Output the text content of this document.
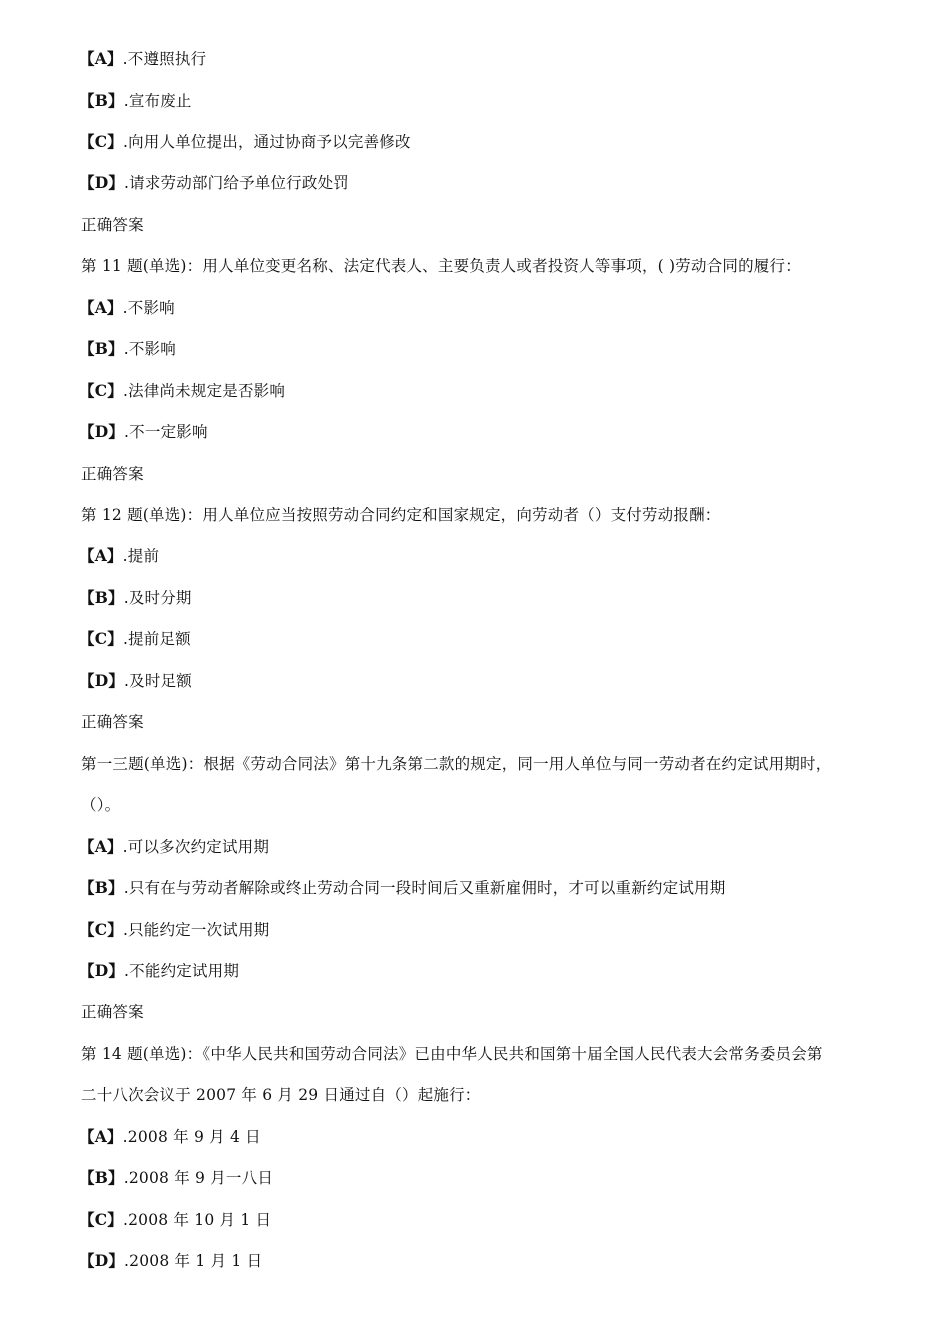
【A】.不遵照执行
【B】.宣布废止
【C】.向用人单位提出，通过协商予以完善修改
【D】.请求劳动部门给予单位行政处罚
正确答案
第 11 题(单选)：用人单位变更名称、法定代表人、主要负责人或者投资人等事项，( )劳动合同的履行：
【A】.不影响
【B】.不影响
【C】.法律尚未规定是否影响
【D】.不一定影响
正确答案
第 12 题(单选)：用人单位应当按照劳动合同约定和国家规定，向劳动者（）支付劳动报酬：
【A】.提前
【B】.及时分期
【C】.提前足额
【D】.及时足额
正确答案
第一三题(单选)：根据《劳动合同法》第十九条第二款的规定，同一用人单位与同一劳动者在约定试用期时，
（）。
【A】.可以多次约定试用期
【B】.只有在与劳动者解除或终止劳动合同一段时间后又重新雇佣时，才可以重新约定试用期
【C】.只能约定一次试用期
【D】.不能约定试用期
正确答案
第 14 题(单选)：《中华人民共和国劳动合同法》已由中华人民共和国第十届全国人民代表大会常务委员会第
二十八次会议于 2007 年 6 月 29 日通过自（）起施行：
【A】.2008 年 9 月 4 日
【B】.2008 年 9 月一八日
【C】.2008 年 10 月 1 日
【D】.2008 年 1 月 1 日
